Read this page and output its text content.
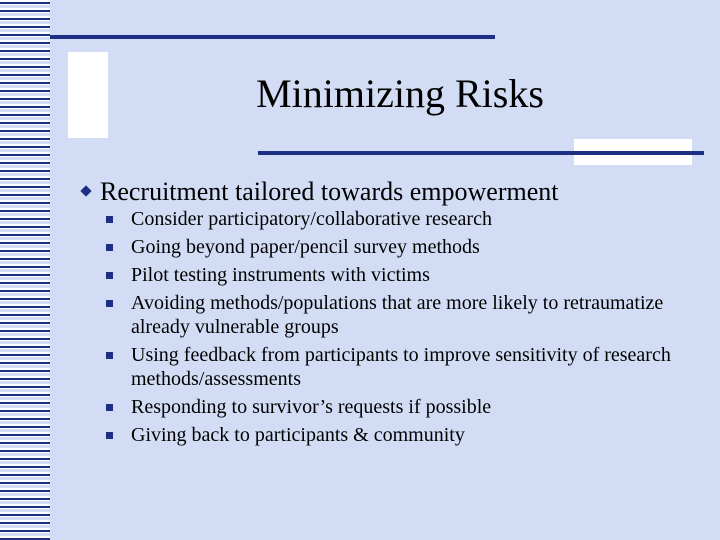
Minimizing Risks
Recruitment tailored towards empowerment
Consider participatory/collaborative research
Going beyond paper/pencil survey methods
Pilot testing instruments with victims
Avoiding methods/populations that are more likely to retraumatize already vulnerable groups
Using feedback from participants to improve sensitivity of research methods/assessments
Responding to survivor’s requests if possible
Giving back to participants & community
